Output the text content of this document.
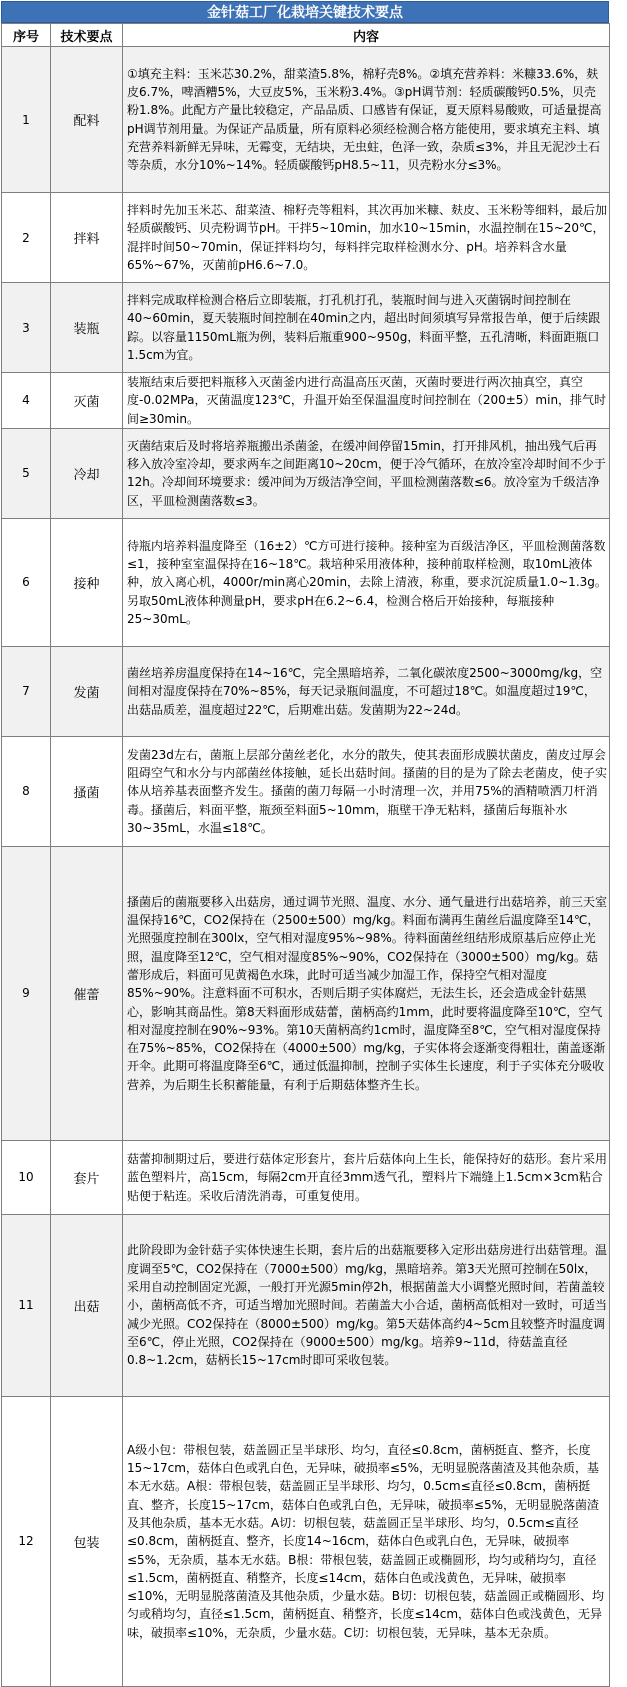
金针菇工厂化栽培关键技术要点
序号	技术要点	内容
1	配料	①填充主料：玉米芯30.2%，甜菜渣5.8%，棉籽壳8%。②填充营养料：米糠33.6%，麸皮6.7%，啤酒糟5%，大豆皮5%，玉米粉3.4%。③pH调节剂：轻质碳酸钙0.5%，贝壳粉1.8%。此配方产量比较稳定，产品品质、口感皆有保证，夏天原料易酸败，可适量提高pH调节剂用量。为保证产品质量，所有原料必须经检测合格方能使用，要求填充主料、填充营养料新鲜无异味，无霉变，无结块，无虫蛀，色泽一致，杂质≤3%，并且无泥沙土石等杂质，水分10%~14%。轻质碳酸钙pH8.5~11，贝壳粉水分≤3%。
2	拌料	拌料时先加玉米芯、甜菜渣、棉籽壳等粗料，其次再加米糠、麸皮、玉米粉等细料，最后加轻质碳酸钙、贝壳粉调节pH。干拌5~10min，加水10~15min，水温控制在15~20℃，混拌时间50~70min，保证拌料均匀，每料拌完取样检测水分、pH。培养料含水量65%~67%，灭菌前pH6.6~7.0。
3	装瓶	拌料完成取样检测合格后立即装瓶，打孔机打孔，装瓶时间与进入灭菌锅时间控制在40~60min，夏天装瓶时间控制在40min之内，超出时间须填写异常报告单，便于后续跟踪。以容量1150mL瓶为例，装料后瓶重900~950g，料面平整，五孔清晰，料面距瓶口1.5cm为宜。
4	灭菌	装瓶结束后要把料瓶移入灭菌釜内进行高温高压灭菌，灭菌时要进行两次抽真空，真空度-0.02MPa，灭菌温度123℃，升温开始至保温温度时间控制在（200±5）min，排气时间≥30min。
5	冷却	灭菌结束后及时将培养瓶搬出杀菌釜，在缓冲间停留15min，打开排风机，抽出残气后再移入放冷室冷却，要求两车之间距离10~20cm，便于冷气循环，在放冷室冷却时间不少于12h。冷却间环境要求：缓冲间为万级洁净空间，平皿检测菌落数≤6。放冷室为千级洁净区，平皿检测菌落数≤3。
6	接种	待瓶内培养料温度降至（16±2）℃方可进行接种。接种室为百级洁净区，平皿检测菌落数≤1，接种室室温保持在16~18℃。栽培种采用液体种，接种前取样检测，取10mL液体种，放入离心机，4000r/min离心20min，去除上清液，称重，要求沉淀质量1.0~1.3g。另取50mL液体种测量pH，要求pH在6.2~6.4，检测合格后开始接种，每瓶接种25~30mL。
7	发菌	菌丝培养房温度保持在14~16℃，完全黑暗培养，二氧化碳浓度2500~3000mg/kg，空间相对湿度保持在70%~85%，每天记录瓶间温度，不可超过18℃。如温度超过19℃，出菇品质差，温度超过22℃，后期难出菇。发菌期为22~24d。
8	搔菌	发菌23d左右，菌瓶上层部分菌丝老化，水分的散失，使其表面形成膜状菌皮，菌皮过厚会阻碍空气和水分与内部菌丝体接触，延长出菇时间。搔菌的目的是为了除去老菌皮，使子实体从培养基表面整齐发生。搔菌的菌刀每隔一小时清理一次，并用75%的酒精喷洒刀杆消毒。搔菌后，料面平整，瓶颈至料面5~10mm，瓶壁干净无粘料，搔菌后每瓶补水30~35mL，水温≤18℃。
9	催蕾	搔菌后的菌瓶要移入出菇房，通过调节光照、温度、水分、通气量进行出菇培养，前三天室温保持16℃，CO2保持在（2500±500）mg/kg。料面布满再生菌丝后温度降至14℃，光照强度控制在300lx，空气相对湿度95%~98%。待料面菌丝纽结形成原基后应停止光照，温度降至12℃，空气相对湿度85%~90%，CO2保持在（3000±500）mg/kg。菇蕾形成后，料面可见黄褐色水珠，此时可适当减少加湿工作，保持空气相对湿度85%~90%。注意料面不可积水，否则后期子实体腐烂，无法生长，还会造成金针菇黑心，影响其商品性。第8天料面形成菇蕾，菌柄高约1mm，此时要将温度降至10℃，空气相对湿度控制在90%~93%。第10天菌柄高约1cm时，温度降至8℃，空气相对湿度保持在75%~85%，CO2保持在（4000±500）mg/kg，子实体将会逐渐变得粗壮，菌盖逐渐开伞。此期可将温度降至6℃，通过低温抑制，控制子实体生长速度，利于子实体充分吸收营养，为后期生长积蓄能量，有利于后期菇体整齐生长。
10	套片	菇蕾抑制期过后，要进行菇体定形套片，套片后菇体向上生长，能保持好的菇形。套片采用蓝色塑料片，高15cm，每隔2cm开直径3mm透气孔，塑料片下端缝上1.5cm×3cm粘合贴便于粘连。采收后清洗消毒，可重复使用。
11	出菇	此阶段即为金针菇子实体快速生长期，套片后的出菇瓶要移入定形出菇房进行出菇管理。温度调至5℃，CO2保持在（7000±500）mg/kg，黑暗培养。第3天光照可控制在50lx，采用自动控制固定光源，一般打开光源5min停2h，根据菌盖大小调整光照时间，若菌盖较小，菌柄高低不齐，可适当增加光照时间。若菌盖大小合适，菌柄高低相对一致时，可适当减少光照。CO2保持在（8000±500）mg/kg。第5天菇体高约4~5cm且较整齐时温度调至6℃，停止光照，CO2保持在（9000±500）mg/kg。培养9~11d，待菇盖直径0.8~1.2cm，菇柄长15~17cm时即可采收包装。
12	包装	A级小包：带根包装，菇盖圆正呈半球形、均匀，直径≤0.8cm，菌柄挺直、整齐，长度15~17cm，菇体白色或乳白色，无异味，破损率≤5%，无明显脱落菌渣及其他杂质，基本无水菇。A根：带根包装，菇盖圆正呈半球形、均匀，0.5cm≤直径≤0.8cm，菌柄挺直、整齐，长度15~17cm，菇体白色或乳白色，无异味，破损率≤5%，无明显脱落菌渣及其他杂质，基本无水菇。A切：切根包装，菇盖圆正呈半球形、均匀，0.5cm≤直径≤0.8cm，菌柄挺直、整齐，长度14~16cm，菇体白色或乳白色，无异味，破损率≤5%，无杂质，基本无水菇。B根：带根包装，菇盖圆正或椭圆形，均匀或稍均匀，直径≤1.5cm，菌柄挺直、稍整齐，长度≤14cm，菇体白色或浅黄色，无异味，破损率≤10%，无明显脱落菌渣及其他杂质，少量水菇。B切：切根包装，菇盖圆正或椭圆形、均匀或稍均匀，直径≤1.5cm，菌柄挺直、稍整齐，长度≤14cm，菇体白色或浅黄色，无异味，破损率≤10%，无杂质，少量水菇。C切：切根包装，无异味，基本无杂质。
